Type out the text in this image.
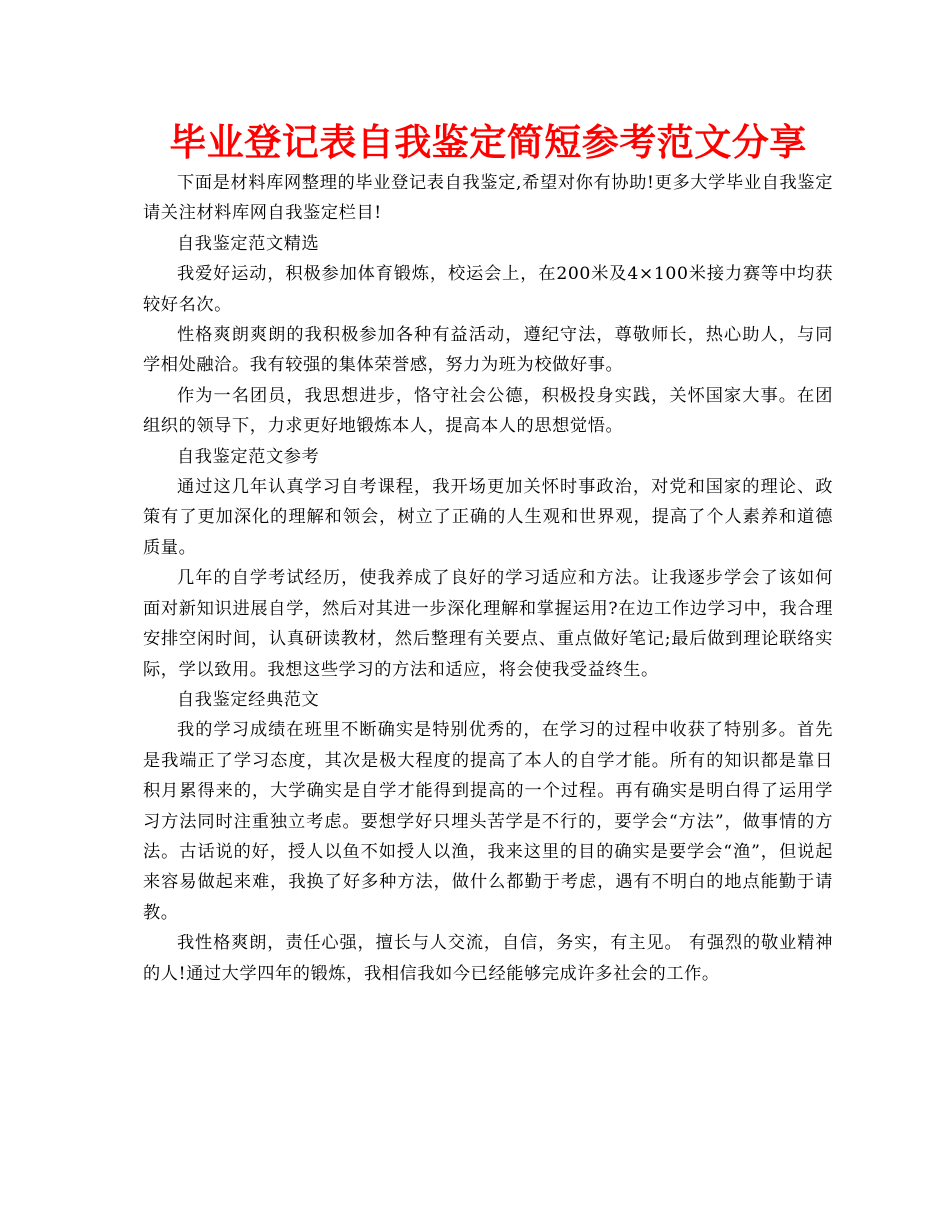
毕业登记表自我鉴定简短参考范文分享

下面是材料库网整理的毕业登记表自我鉴定,希望对你有协助!更多大学毕业自我鉴定请关注材料库网自我鉴定栏目!

自我鉴定范文精选

我爱好运动，积极参加体育锻炼，校运会上，在200米及4×100米接力赛等中均获较好名次。

性格爽朗爽朗的我积极参加各种有益活动，遵纪守法，尊敬师长，热心助人，与同学相处融洽。我有较强的集体荣誉感，努力为班为校做好事。

作为一名团员，我思想进步，恪守社会公德，积极投身实践，关怀国家大事。在团组织的领导下，力求更好地锻炼本人，提高本人的思想觉悟。

自我鉴定范文参考

通过这几年认真学习自考课程，我开场更加关怀时事政治，对党和国家的理论、政策有了更加深化的理解和领会，树立了正确的人生观和世界观，提高了个人素养和道德质量。

几年的自学考试经历，使我养成了良好的学习适应和方法。让我逐步学会了该如何面对新知识进展自学，然后对其进一步深化理解和掌握运用?在边工作边学习中，我合理安排空闲时间，认真研读教材，然后整理有关要点、重点做好笔记;最后做到理论联络实际，学以致用。我想这些学习的方法和适应，将会使我受益终生。

自我鉴定经典范文

我的学习成绩在班里不断确实是特别优秀的，在学习的过程中收获了特别多。首先是我端正了学习态度，其次是极大程度的提高了本人的自学才能。所有的知识都是靠日积月累得来的，大学确实是自学才能得到提高的一个过程。再有确实是明白得了运用学习方法同时注重独立考虑。要想学好只埋头苦学是不行的，要学会“方法”，做事情的方法。古话说的好，授人以鱼不如授人以渔，我来这里的目的确实是要学会“渔”，但说起来容易做起来难，我换了好多种方法，做什么都勤于考虑，遇有不明白的地点能勤于请教。

我性格爽朗，责任心强，擅长与人交流，自信，务实，有主见。 有强烈的敬业精神的人!通过大学四年的锻炼，我相信我如今已经能够完成许多社会的工作。
